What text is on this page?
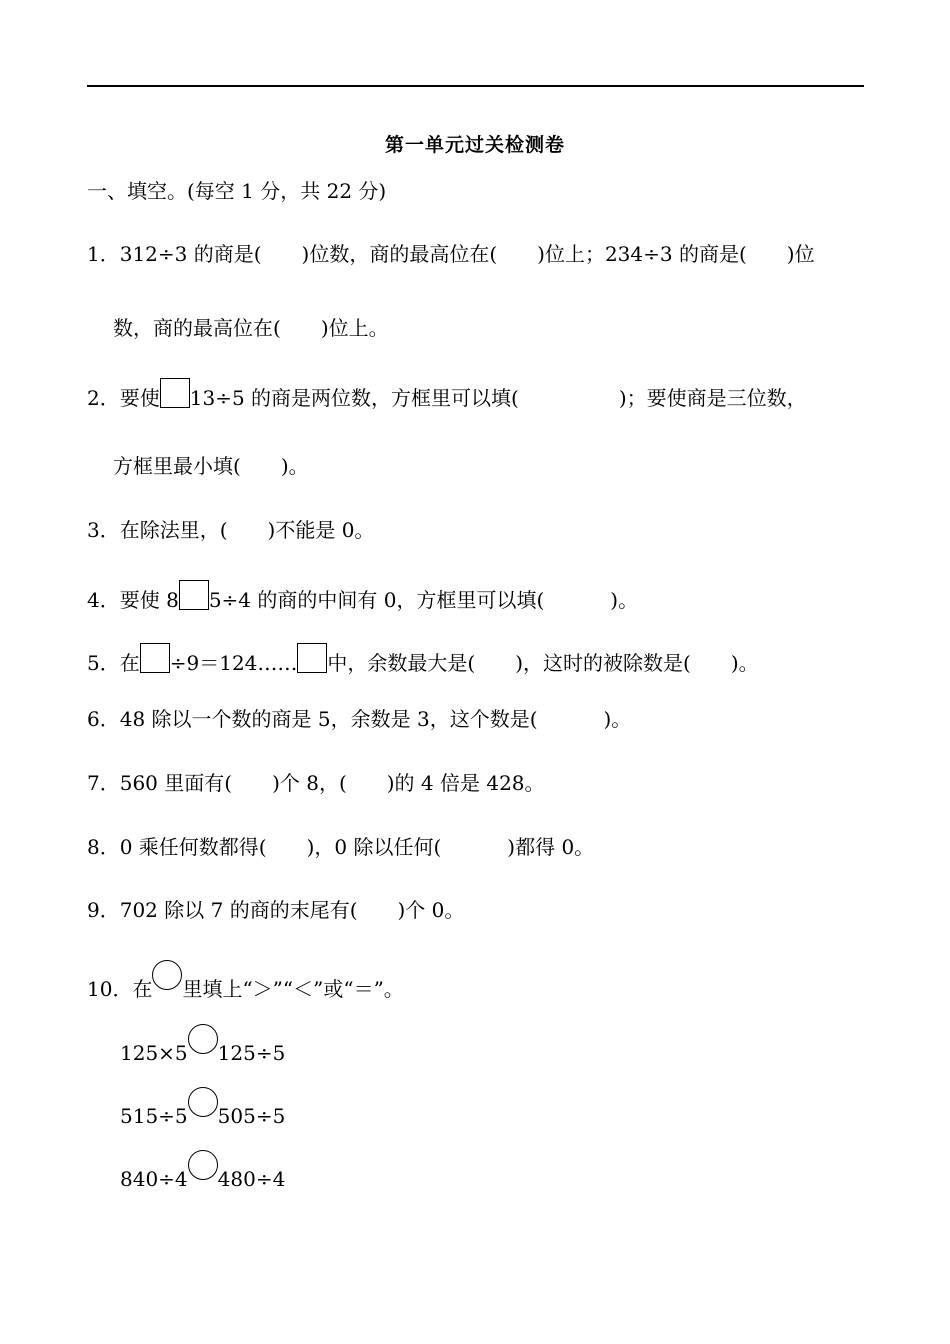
第一单元过关检测卷
一、填空。(每空 1 分，共 22 分)
1．312÷3 的商是( )位数，商的最高位在( )位上；234÷3 的商是( )位
数，商的最高位在( )位上。
2．要使 13÷5 的商是两位数，方框里可以填(	)；要使商是三位数，
方框里最小填( )。
3．在除法里，( )不能是 0。
4．要使 8 5÷4 的商的中间有 0，方框里可以填(	)。
5．在 ÷9＝124…… 中，余数最大是( )，这时的被除数是( )。
6．48 除以一个数的商是 5，余数是 3，这个数是(	)。
7．560 里面有( )个 8，( )的 4 倍是 428。
8．0 乘任何数都得( )，0 除以任何(	)都得 0。
9．702 除以 7 的商的末尾有( )个 0。
10．在 里填上“＞”“＜”或“＝”。
125×5 125÷5
515÷5 505÷5
840÷4 480÷4
